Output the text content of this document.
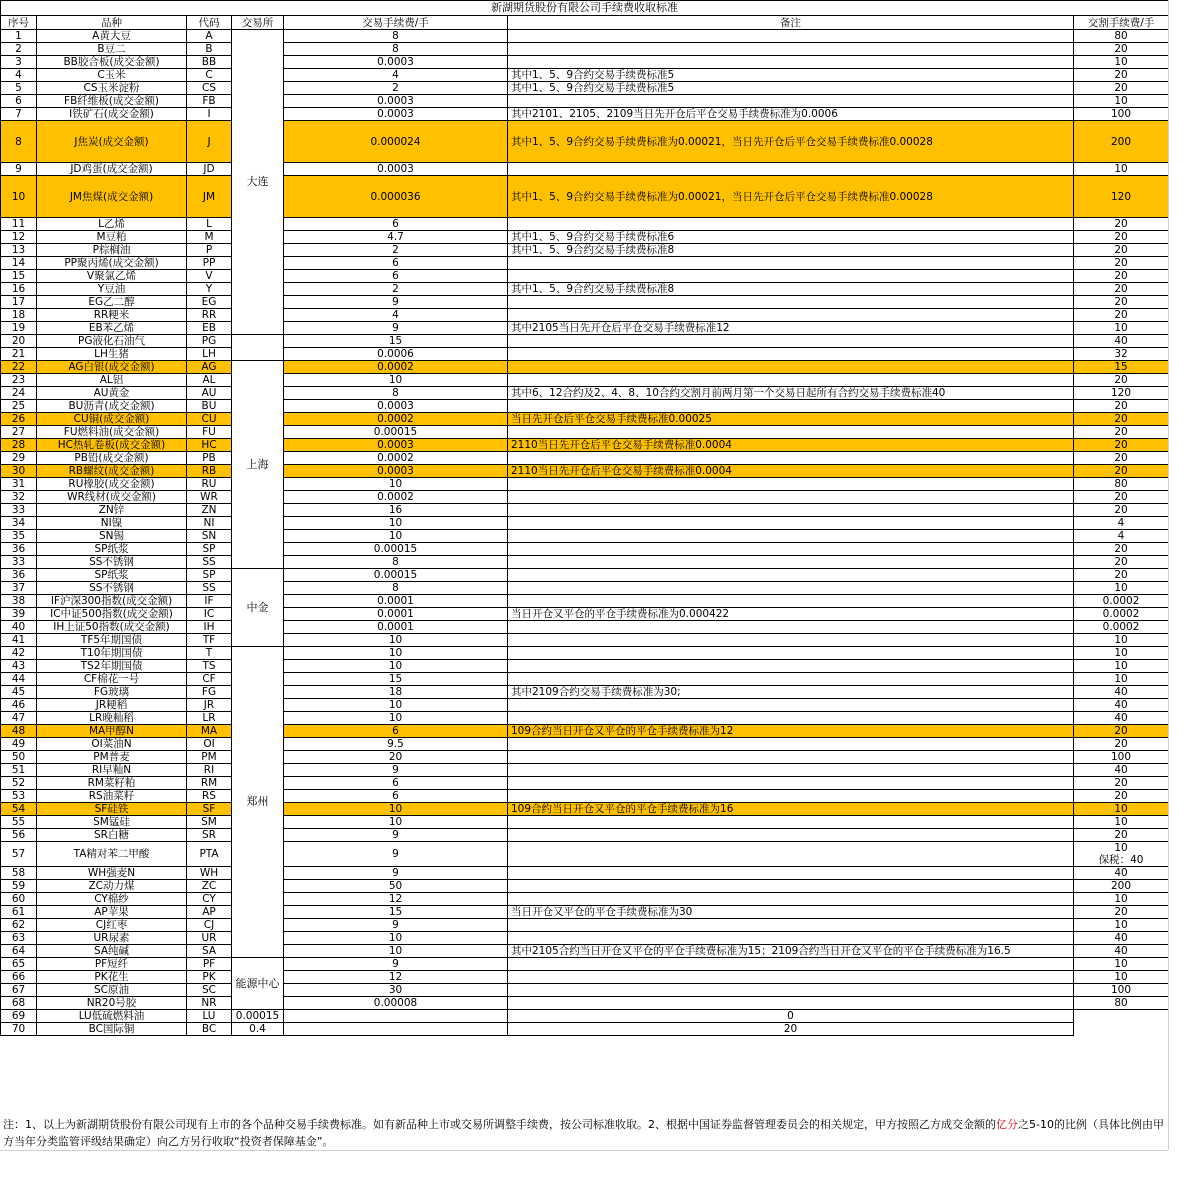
新湖期货股份有限公司手续费收取标准						
序号	品种	代码	交易所	交易手续费/手	备注	交割手续费/手
1	A黄大豆	A	大连	8		80
2	B豆二	B		8		20
3	BB胶合板(成交金额)	BB		0.0003		10
4	C玉米	C		4	其中1、5、9合约交易手续费标准5	20
5	CS玉米淀粉	CS		2	其中1、5、9合约交易手续费标准5	20
6	FB纤维板(成交金额)	FB		0.0003		10
7	I铁矿石(成交金额)	I		0.0003	其中2101、2105、2109当日先开仓后平仓交易手续费标准为0.0006	100
8	J焦炭(成交金额)	J		0.000024	其中1、5、9合约交易手续费标准为0.00021，当日先开仓后平仓交易手续费标准0.00028	200
9	JD鸡蛋(成交金额)	JD		0.0003		10
10	JM焦煤(成交金额)	JM		0.000036	其中1、5、9合约交易手续费标准为0.00021，当日先开仓后平仓交易手续费标准0.00028	120
11	L乙烯	L		6		20
12	M豆粕	M		4.7	其中1、5、9合约交易手续费标准6	20
13	P棕榈油	P		2	其中1、5、9合约交易手续费标准8	20
14	PP聚丙烯(成交金额)	PP		6		20
15	V聚氯乙烯	V		6		20
16	Y豆油	Y		2	其中1、5、9合约交易手续费标准8	20
17	EG乙二醇	EG		9		20
18	RR粳米	RR		4		20
19	EB苯乙烯	EB		9	其中2105当日先开仓后平仓交易手续费标准12	10
20	PG液化石油气	PG		15		40
21	LH生猪	LH		0.0006		32
22	AG白银(成交金额)	AG	上海	0.0002		15
23	AL铝	AL		10		20
24	AU黄金	AU		8	其中6、12合约及2、4、8、10合约交割月前两月第一个交易日起所有合约交易手续费标准40	120
25	BU沥青(成交金额)	BU		0.0003		20
26	CU铜(成交金额)	CU		0.0002	当日先开仓后平仓交易手续费标准0.00025	20
27	FU燃料油(成交金额)	FU		0.00015		20
28	HC热轧卷板(成交金额)	HC		0.0003	2110当日先开仓后平仓交易手续费标准0.0004	20
29	PB铅(成交金额)	PB		0.0002		20
30	RB螺纹(成交金额)	RB		0.0003	2110当日先开仓后平仓交易手续费标准0.0004	20
31	RU橡胶(成交金额)	RU		10		80
32	WR线材(成交金额)	WR		0.0002		20
33	ZN锌	ZN		16		20
34	NI镍	NI		10		4
35	SN锡	SN		10		4
36	SP纸浆	SP		0.00015		20
33	SS不锈钢	SS		8		20
36	SP纸浆	SP	中金	0.00015		20
37	SS不锈钢	SS		8		10
38	IF沪深300指数(成交金额)	IF		0.0001		0.0002
39	IC中证500指数(成交金额)	IC		0.0001	当日开仓又平仓的平仓手续费标准为0.000422	0.0002
40	IH上证50指数(成交金额)	IH		0.0001		0.0002
41	TF5年期国债	TF		10		10
42	T10年期国债	T	郑州	10		10
43	TS2年期国债	TS		10		10
44	CF棉花一号	CF		15		10
45	FG玻璃	FG		18	其中2109合约交易手续费标准为30;	40
46	JR粳稻	JR		10		40
47	LR晚籼稻	LR		10		40
48	MA甲醇N	MA		6	109合约当日开仓又平仓的平仓手续费标准为12	20
49	OI菜油N	OI		9.5		20
50	PM普麦	PM		20		100
51	RI早籼N	RI		9		40
52	RM菜籽粕	RM		6		20
53	RS油菜籽	RS		6		20
54	SF硅铁	SF		10	109合约当日开仓又平仓的平仓手续费标准为16	10
55	SM锰硅	SM		10		10
56	SR白糖	SR		9		20
57	TA精对苯二甲酸	PTA		9		10
保税：40

58	WH强麦N	WH		9		40
59	ZC动力煤	ZC		50		200
60	CY棉纱	CY		12		10
61	AP苹果	AP		15	当日开仓又平仓的平仓手续费标准为30	20
62	CJ红枣	CJ		9		10
63	UR尿素	UR		10		40
64	SA纯碱	SA		10	其中2105合约当日开仓又平仓的平仓手续费标准为15；2109合约当日开仓又平仓的平仓手续费标准为16.5	40
65	PF短纤	PF	能源中心	9		10
66	PK花生	PK		12		10
67	SC原油	SC		30		100
68	NR20号胶	NR		0.00008		80
69	LU低硫燃料油	LU	0.00015		0	
70	BC国际铜	BC	0.4		20	
注：1、以上为新湖期货股份有限公司现有上市的各个品种交易手续费标准。如有新品种上市或交易所调整手续费，按公司标准收取。2、根据中国证券监督管理委员会的相关规定，甲方按照乙方成交金额的亿分之5-10的比例（具体比例由甲方当年分类监管评级结果确定）向乙方另行收取“投资者保障基金”。
